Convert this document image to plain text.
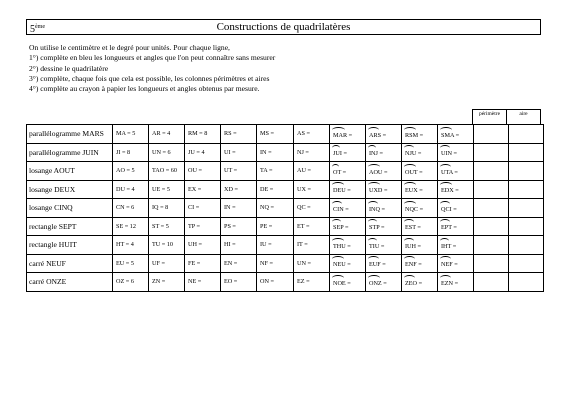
5ème	Constructions de quadrilatères
On utilise le centimètre et le degré pour unités. Pour chaque ligne,
1°) complète en bleu les longueurs et angles que l'on peut connaître sans mesurer
2°) dessine le quadrilatère
3°) complète, chaque fois que cela est possible, les colonnes périmètres et aires
4°) complète au crayon à papier les longueurs et angles obtenus par mesure.
périmètre	aire
parallélogramme MARS	MA = 5	AR = 4	RM = 8	RS =	MS =	AS =	MAR =	ARS =	RSM =	SMA =		
parallélogramme JUIN	JI = 8	UN = 6	JU = 4	UI =	IN =	NJ =	JUI =	INJ =	NJU =	UIN =		
losange AOUT	AO = 5	TAO = 60	OU =	UT =	TA =	AU =	OT =	AOU =	OUT =	UTA =		
losange DEUX	DU = 4	UE = 5	EX =	XD =	DE =	UX =	DEU =	UXD =	EUX =	EDX =		
losange CINQ	CN = 6	IQ = 8	CI =	IN =	NQ =	QC =	CIN =	INQ =	NQC =	QCI =		
rectangle SEPT	SE = 12	ST = 5	TP =	PS =	PE =	ET =	SEP =	STP =	EST =	EPT =		
rectangle HUIT	HT = 4	TU = 10	UH =	HI =	IU =	IT =	THU =	TIU =	IUH =	IHT =		
carré NEUF	EU = 5	UF =	FE =	EN =	NF =	UN =	NEU =	EUF =	ENF =	NEF =		
carré ONZE	OZ = 6	ZN =	NE =	EO =	ON =	EZ =	NOE =	ONZ =	ZEO =	EZN =		
